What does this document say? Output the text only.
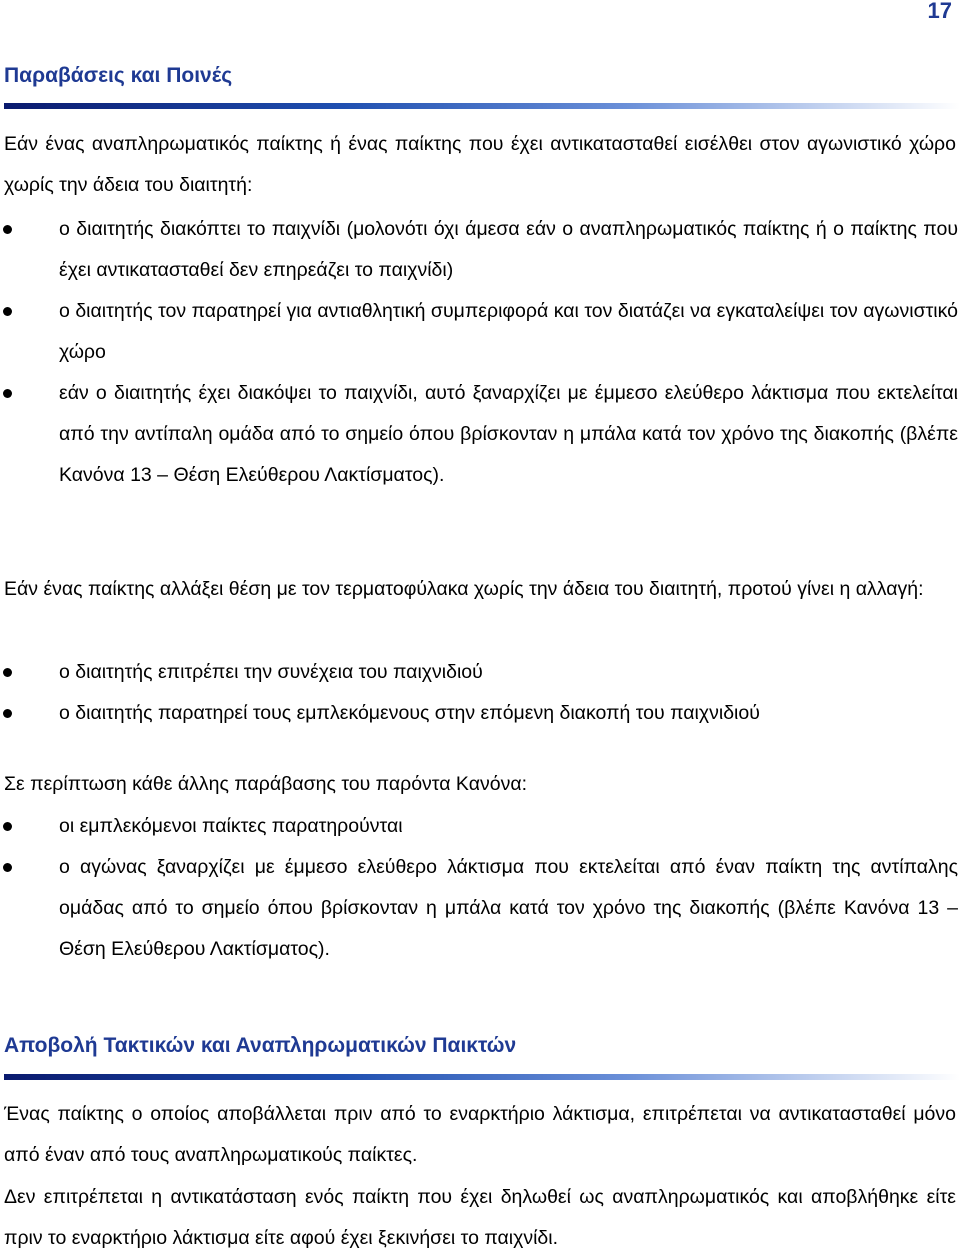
17
Παραβάσεις και Ποινές

Εάν ένας αναπληρωματικός παίκτης ή ένας παίκτης που έχει αντικατασταθεί εισέλθει στον αγωνιστικό χώρο χωρίς την άδεια του διαιτητή:

ο διαιτητής διακόπτει το παιχνίδι (μολονότι όχι άμεσα εάν ο αναπληρωματικός παίκτης ή ο παίκτης που έχει αντικατασταθεί δεν επηρεάζει το παιχνίδι)
ο διαιτητής τον παρατηρεί για αντιαθλητική συμπεριφορά και τον διατάζει να εγκαταλείψει τον αγωνιστικό χώρο
εάν ο διαιτητής έχει διακόψει το παιχνίδι, αυτό ξαναρχίζει με έμμεσο ελεύθερο λάκτισμα που εκτελείται από την αντίπαλη ομάδα από το σημείο όπου βρίσκονταν η μπάλα κατά τον χρόνο της διακοπής (βλέπε Κανόνα 13 – Θέση Ελεύθερου Λακτίσματος).

Εάν ένας παίκτης αλλάξει θέση με τον τερματοφύλακα χωρίς την άδεια του διαιτητή, προτού γίνει η αλλαγή:

ο διαιτητής επιτρέπει την συνέχεια του παιχνιδιού
ο διαιτητής παρατηρεί τους εμπλεκόμενους στην επόμενη διακοπή του παιχνιδιού

Σε περίπτωση κάθε άλλης παράβασης του παρόντα Κανόνα:

οι εμπλεκόμενοι παίκτες παρατηρούνται
ο αγώνας ξαναρχίζει με έμμεσο ελεύθερο λάκτισμα που εκτελείται από έναν παίκτη της αντίπαλης ομάδας από το σημείο όπου βρίσκονταν η μπάλα κατά τον χρόνο της διακοπής (βλέπε Κανόνα 13 – Θέση Ελεύθερου Λακτίσματος).
Αποβολή Τακτικών και Αναπληρωματικών Παικτών

Ένας παίκτης ο οποίος αποβάλλεται πριν από το εναρκτήριο λάκτισμα, επιτρέπεται να αντικατασταθεί μόνο από έναν από τους αναπληρωματικούς παίκτες.

Δεν επιτρέπεται η αντικατάσταση ενός παίκτη που έχει δηλωθεί ως αναπληρωματικός και αποβλήθηκε είτε πριν το εναρκτήριο λάκτισμα είτε αφού έχει ξεκινήσει το παιχνίδι.
